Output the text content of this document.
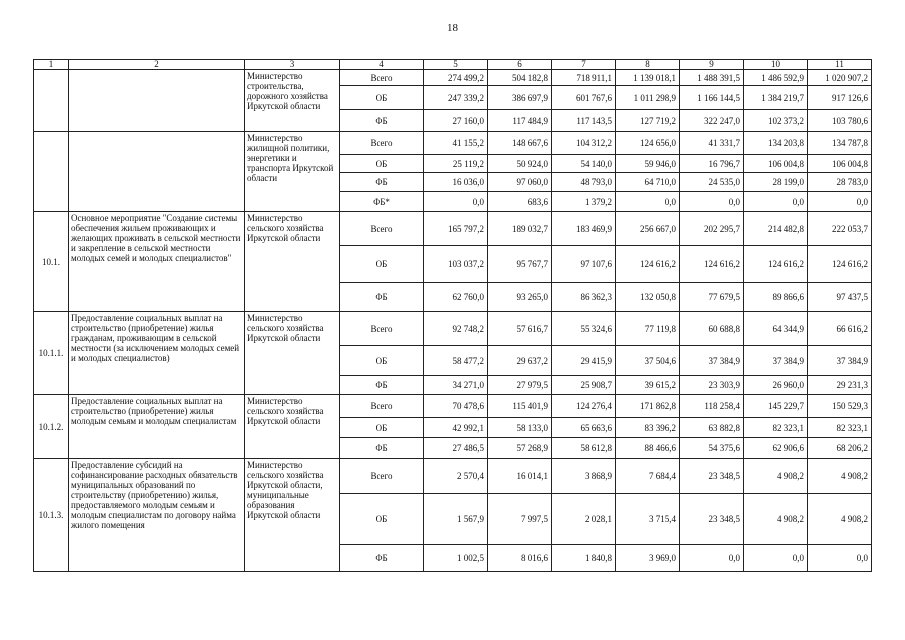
18
1	2	3	4	5	6	7	8	9	10	11
		Министерство строительства, дорожного хозяйства Иркутской области	Всего	274 499,2	504 182,8	718 911,1	1 139 018,1	1 488 391,5	1 486 592,9	1 020 907,2
			ОБ	247 339,2	386 697,9	601 767,6	1 011 298,9	1 166 144,5	1 384 219,7	917 126,6
			ФБ	27 160,0	117 484,9	117 143,5	127 719,2	322 247,0	102 373,2	103 780,6
		Министерство жилищной политики, энергетики и транспорта Иркутской области	Всего	41 155,2	148 667,6	104 312,2	124 656,0	41 331,7	134 203,8	134 787,8
			ОБ	25 119,2	50 924,0	54 140,0	59 946,0	16 796,7	106 004,8	106 004,8
			ФБ	16 036,0	97 060,0	48 793,0	64 710,0	24 535,0	28 199,0	28 783,0
			ФБ*	0,0	683,6	1 379,2	0,0	0,0	0,0	0,0
10.1.	Основное мероприятие "Создание системы обеспечения жильем проживающих и желающих проживать в сельской местности и закрепление в сельской местности молодых семей и молодых специалистов"	Министерство сельского хозяйства Иркутской области	Всего	165 797,2	189 032,7	183 469,9	256 667,0	202 295,7	214 482,8	222 053,7
			ОБ	103 037,2	95 767,7	97 107,6	124 616,2	124 616,2	124 616,2	124 616,2
			ФБ	62 760,0	93 265,0	86 362,3	132 050,8	77 679,5	89 866,6	97 437,5
10.1.1.	Предоставление социальных выплат на строительство (приобретение) жилья гражданам, проживающим в сельской местности (за исключением молодых семей и молодых специалистов)	Министерство сельского хозяйства Иркутской области	Всего	92 748,2	57 616,7	55 324,6	77 119,8	60 688,8	64 344,9	66 616,2
			ОБ	58 477,2	29 637,2	29 415,9	37 504,6	37 384,9	37 384,9	37 384,9
			ФБ	34 271,0	27 979,5	25 908,7	39 615,2	23 303,9	26 960,0	29 231,3
10.1.2.	Предоставление социальных выплат на строительство (приобретение) жилья молодым семьям и молодым специалистам	Министерство сельского хозяйства Иркутской области	Всего	70 478,6	115 401,9	124 276,4	171 862,8	118 258,4	145 229,7	150 529,3
			ОБ	42 992,1	58 133,0	65 663,6	83 396,2	63 882,8	82 323,1	82 323,1
			ФБ	27 486,5	57 268,9	58 612,8	88 466,6	54 375,6	62 906,6	68 206,2
10.1.3.	Предоставление субсидий на софинансирование расходных обязательств муниципальных образований по строительству (приобретению) жилья, предоставляемого молодым семьям и молодым специалистам по договору найма жилого помещения	Министерство сельского хозяйства Иркутской области, муниципальные образования Иркутской области	Всего	2 570,4	16 014,1	3 868,9	7 684,4	23 348,5	4 908,2	4 908,2
			ОБ	1 567,9	7 997,5	2 028,1	3 715,4	23 348,5	4 908,2	4 908,2
			ФБ	1 002,5	8 016,6	1 840,8	3 969,0	0,0	0,0	0,0
